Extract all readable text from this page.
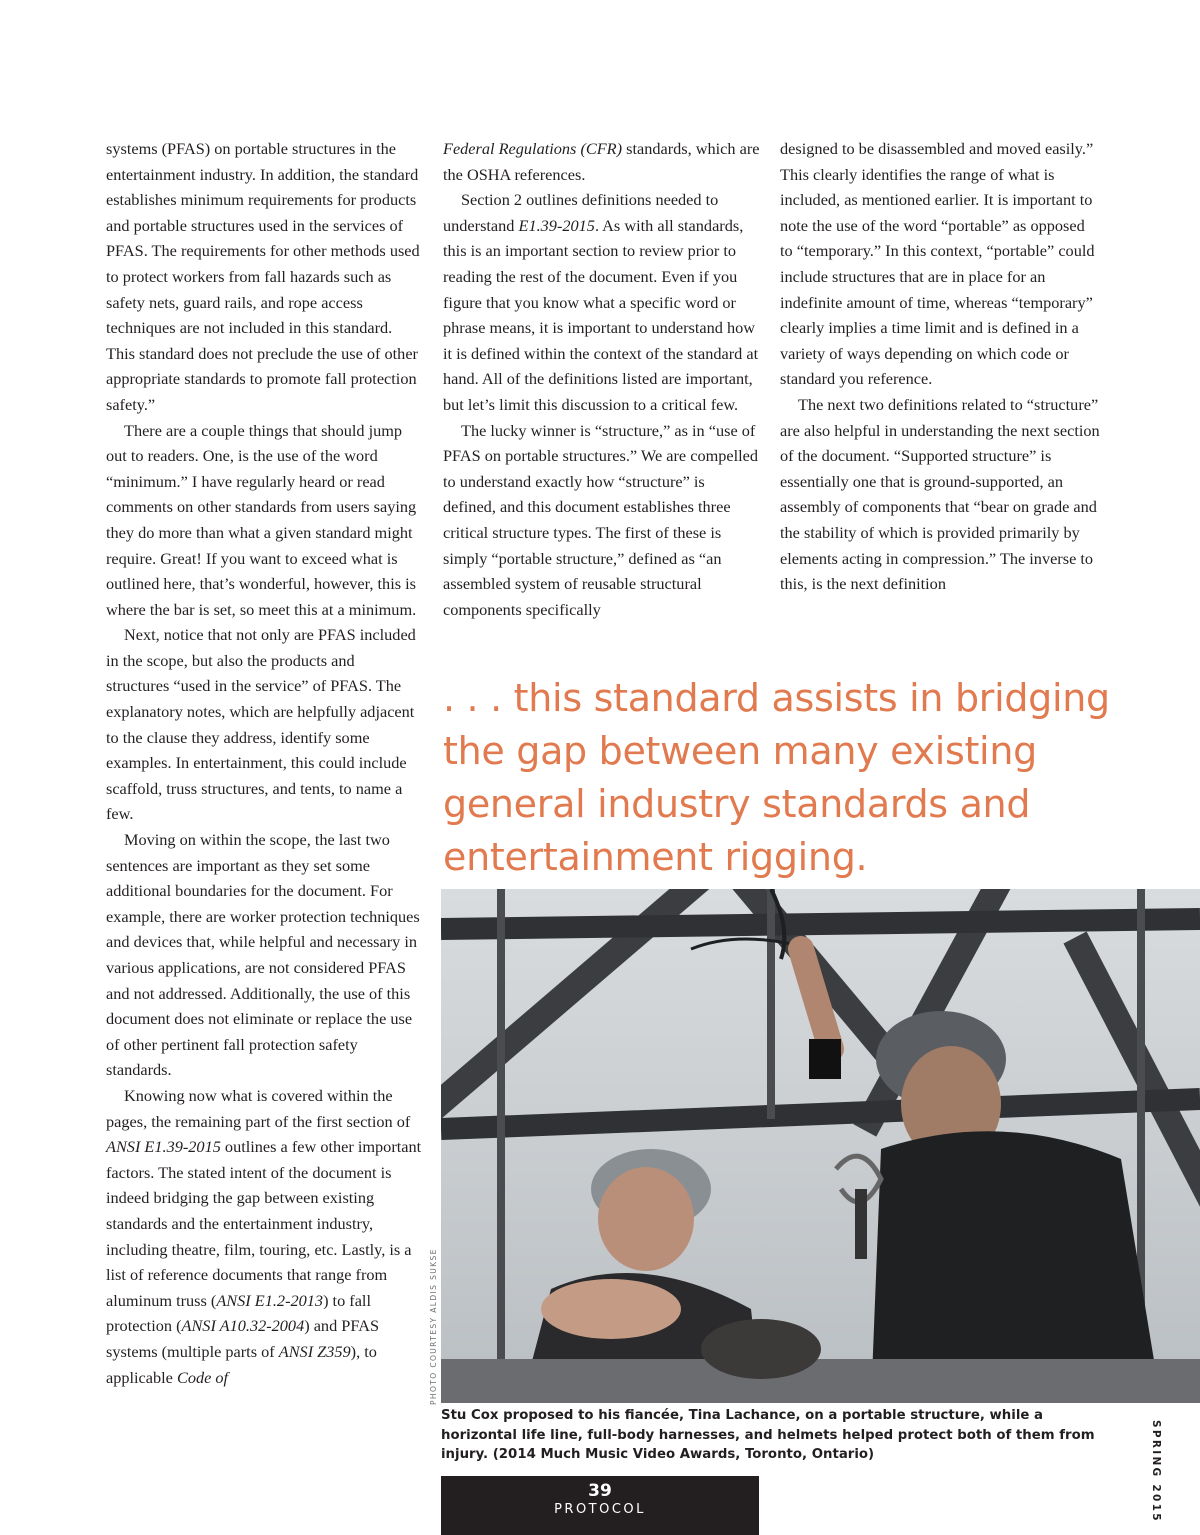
systems (PFAS) on portable structures in the entertainment industry. In addition, the standard establishes minimum requirements for products and portable structures used in the services of PFAS. The requirements for other methods used to protect workers from fall hazards such as safety nets, guard rails, and rope access techniques are not included in this standard. This standard does not preclude the use of other appropriate standards to promote fall protection safety.”

There are a couple things that should jump out to readers. One, is the use of the word “minimum.” I have regularly heard or read comments on other standards from users saying they do more than what a given standard might require. Great! If you want to exceed what is outlined here, that’s wonderful, however, this is where the bar is set, so meet this at a minimum.

Next, notice that not only are PFAS included in the scope, but also the products and structures “used in the service” of PFAS. The explanatory notes, which are helpfully adjacent to the clause they address, identify some examples. In entertainment, this could include scaffold, truss structures, and tents, to name a few.

Moving on within the scope, the last two sentences are important as they set some additional boundaries for the document. For example, there are worker protection techniques and devices that, while helpful and necessary in various applications, are not considered PFAS and not addressed. Additionally, the use of this document does not eliminate or replace the use of other pertinent fall protection safety standards.

Knowing now what is covered within the pages, the remaining part of the first section of ANSI E1.39-2015 outlines a few other important factors. The stated intent of the document is indeed bridging the gap between existing standards and the entertainment industry, including theatre, film, touring, etc. Lastly, is a list of reference documents that range from aluminum truss (ANSI E1.2-2013) to fall protection (ANSI A10.32-2004) and PFAS systems (multiple parts of ANSI Z359), to applicable Code of

Federal Regulations (CFR) standards, which are the OSHA references.

Section 2 outlines definitions needed to understand E1.39-2015. As with all standards, this is an important section to review prior to reading the rest of the document. Even if you figure that you know what a specific word or phrase means, it is important to understand how it is defined within the context of the standard at hand. All of the definitions listed are important, but let’s limit this discussion to a critical few.

The lucky winner is “structure,” as in “use of PFAS on portable structures.” We are compelled to understand exactly how “structure” is defined, and this document establishes three critical structure types. The first of these is simply “portable structure,” defined as “an assembled system of reusable structural components specifically

designed to be disassembled and moved easily.” This clearly identifies the range of what is included, as mentioned earlier. It is important to note the use of the word “portable” as opposed to “temporary.” In this context, “portable” could include structures that are in place for an indefinite amount of time, whereas “temporary” clearly implies a time limit and is defined in a variety of ways depending on which code or standard you reference.

The next two definitions related to “structure” are also helpful in understanding the next section of the document. “Supported structure” is essentially one that is ground-supported, an assembly of components that “bear on grade and the stability of which is provided primarily by elements acting in compression.” The inverse to this, is the next definition

. . . this standard assists in bridging the gap between many existing general industry standards and entertainment rigging.

PHOTO COURTESY ALDIS SUKSE

Stu Cox proposed to his fiancée, Tina Lachance, on a portable structure, while a horizontal life line, full-body harnesses, and helmets helped protect both of them from injury. (2014 Much Music Video Awards, Toronto, Ontario)

39
PROTOCOL	SPRING 2015
